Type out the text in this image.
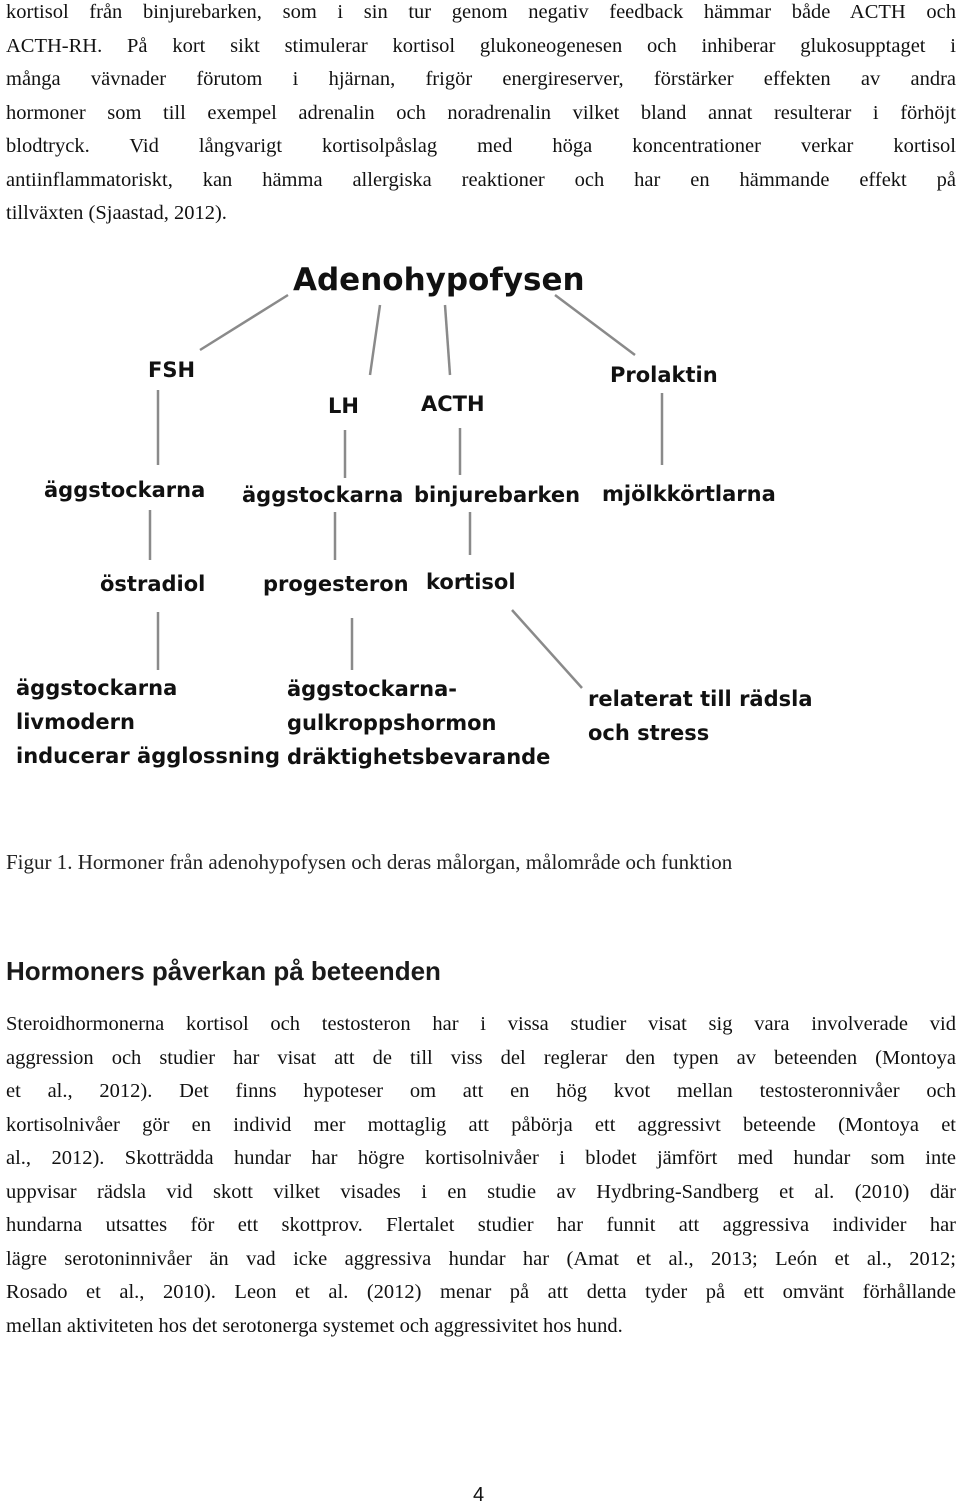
kortisol från binjurebarken, som i sin tur genom negativ feedback hämmar både ACTH och
ACTH-RH. På kort sikt stimulerar kortisol glukoneogenesen och inhiberar glukosupptaget i
många vävnader förutom i hjärnan, frigör energireserver, förstärker effekten av andra
hormoner som till exempel adrenalin och noradrenalin vilket bland annat resulterar i förhöjt
blodtryck. Vid långvarigt kortisolpåslag med höga koncentrationer verkar kortisol
antiinflammatoriskt, kan hämma allergiska reaktioner och har en hämmande effekt på
tillväxten (Sjaastad, 2012).
Adenohypofysen
FSH
LH	ACTH
Prolaktin
äggstockarna äggstockarna binjurebarken mjölkkörtlarna
östradiol	progesteron kortisol
äggstockarna
livmodern
inducerar ägglossning
äggstockarna-
gulkroppshormon
dräktighetsbevarande
relaterat till rädsla
och stress

Figur 1. Hormoner från adenohypofysen och deras målorgan, målområde och funktion

Hormoners påverkan på beteenden
Steroidhormonerna kortisol och testosteron har i vissa studier visat sig vara involverade vid
aggression och studier har visat att de till viss del reglerar den typen av beteenden (Montoya
et al., 2012). Det finns hypoteser om att en hög kvot mellan testosteronnivåer och
kortisolnivåer gör en individ mer mottaglig att påbörja ett aggressivt beteende (Montoya et
al., 2012). Skotträdda hundar har högre kortisolnivåer i blodet jämfört med hundar som inte
uppvisar rädsla vid skott vilket visades i en studie av Hydbring-Sandberg et al. (2010) där
hundarna utsattes för ett skottprov. Flertalet studier har funnit att aggressiva individer har
lägre serotoninnivåer än vad icke aggressiva hundar har (Amat et al., 2013; León et al., 2012;
Rosado et al., 2010). Leon et al. (2012) menar på att detta tyder på ett omvänt förhållande
mellan aktiviteten hos det serotonerga systemet och aggressivitet hos hund.
4
